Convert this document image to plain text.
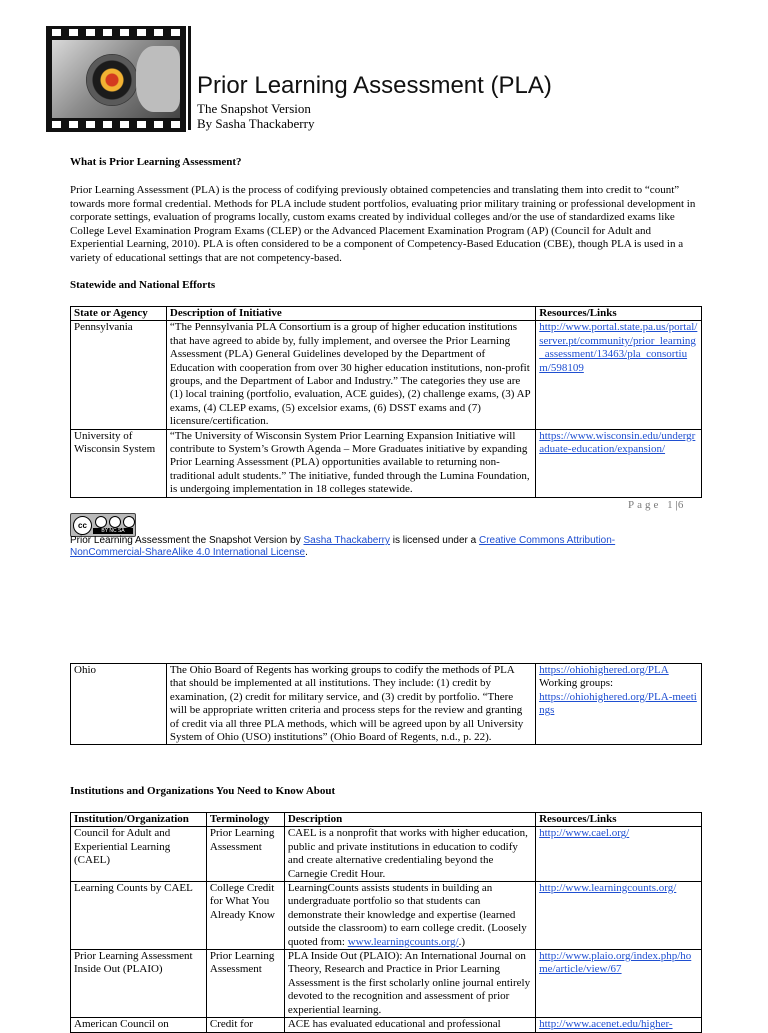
Prior Learning Assessment (PLA)
The Snapshot Version
By Sasha Thackaberry
What is Prior Learning Assessment?
Prior Learning Assessment (PLA) is the process of codifying previously obtained competencies and translating them into credit to “count” towards more formal credential. Methods for PLA include student portfolios, evaluating prior military training or professional development in corporate settings, evaluation of programs locally, custom exams created by individual colleges and/or the use of standardized exams like College Level Examination Program Exams (CLEP) or the Advanced Placement Examination Program (AP) (Council for Adult and Experiential Learning, 2010). PLA is often considered to be a component of Competency-Based Education (CBE), though PLA is used in a variety of educational settings that are not competency-based.
Statewide and National Efforts
State or Agency	Description of Initiative	Resources/Links
Pennsylvania	“The Pennsylvania PLA Consortium is a group of higher education institutions that have agreed to abide by, fully implement, and oversee the Prior Learning Assessment (PLA) General Guidelines developed by the Department of Education with cooperation from over 30 higher education institutions, non-profit groups, and the Department of Labor and Industry.” The categories they use are (1) local training (portfolio, evaluation, ACE guides), (2) challenge exams, (3) AP exams, (4) CLEP exams, (5) excelsior exams, (6) DSST exams and (7) licensure/certification.	http://www.portal.state.pa.us/portal/server.pt/community/prior_learning_assessment/13463/pla_consortium/598109
University of Wisconsin System	“The University of Wisconsin System Prior Learning Expansion Initiative will contribute to System’s Growth Agenda – More Graduates initiative by expanding Prior Learning Assessment (PLA) opportunities available to returning non-traditional adult students.” The initiative, funded through the Lumina Foundation, is undergoing implementation in 18 colleges statewide.	https://www.wisconsin.edu/undergraduate-education/expansion/
Page 1|6
cc
BY NC SA
Prior Learning Assessment the Snapshot Version by Sasha Thackaberry is licensed under a Creative Commons Attribution-NonCommercial-ShareAlike 4.0 International License.
Ohio	The Ohio Board of Regents has working groups to codify the methods of PLA that should be implemented at all institutions. They include: (1) credit by examination, (2) credit for military service, and (3) credit by portfolio. “There will be appropriate written criteria and process steps for the review and granting of credit via all three PLA methods, which will be agreed upon by all University System of Ohio (USO) institutions” (Ohio Board of Regents, n.d., p. 22).	https://ohiohighered.org/PLA
Working groups:
https://ohiohighered.org/PLA-meetings
Institutions and Organizations You Need to Know About
Institution/Organization	Terminology	Description	Resources/Links
Council for Adult and Experiential Learning (CAEL)	Prior Learning Assessment	CAEL is a nonprofit that works with higher education, public and private institutions in education to codify and create alternative credentialing beyond the Carnegie Credit Hour.	http://www.cael.org/
Learning Counts by CAEL	College Credit for What You Already Know	LearningCounts assists students in building an undergraduate portfolio so that students can demonstrate their knowledge and expertise (learned outside the classroom) to earn college credit. (Loosely quoted from: www.learningcounts.org/.)	http://www.learningcounts.org/
Prior Learning Assessment Inside Out (PLAIO)	Prior Learning Assessment	PLA Inside Out (PLAIO): An International Journal on Theory, Research and Practice in Prior Learning Assessment is the first scholarly online journal entirely devoted to the recognition and assessment of prior experiential learning.	http://www.plaio.org/index.php/home/article/view/67
American Council on	Credit for	ACE has evaluated educational and professional	http://www.acenet.edu/higher-
